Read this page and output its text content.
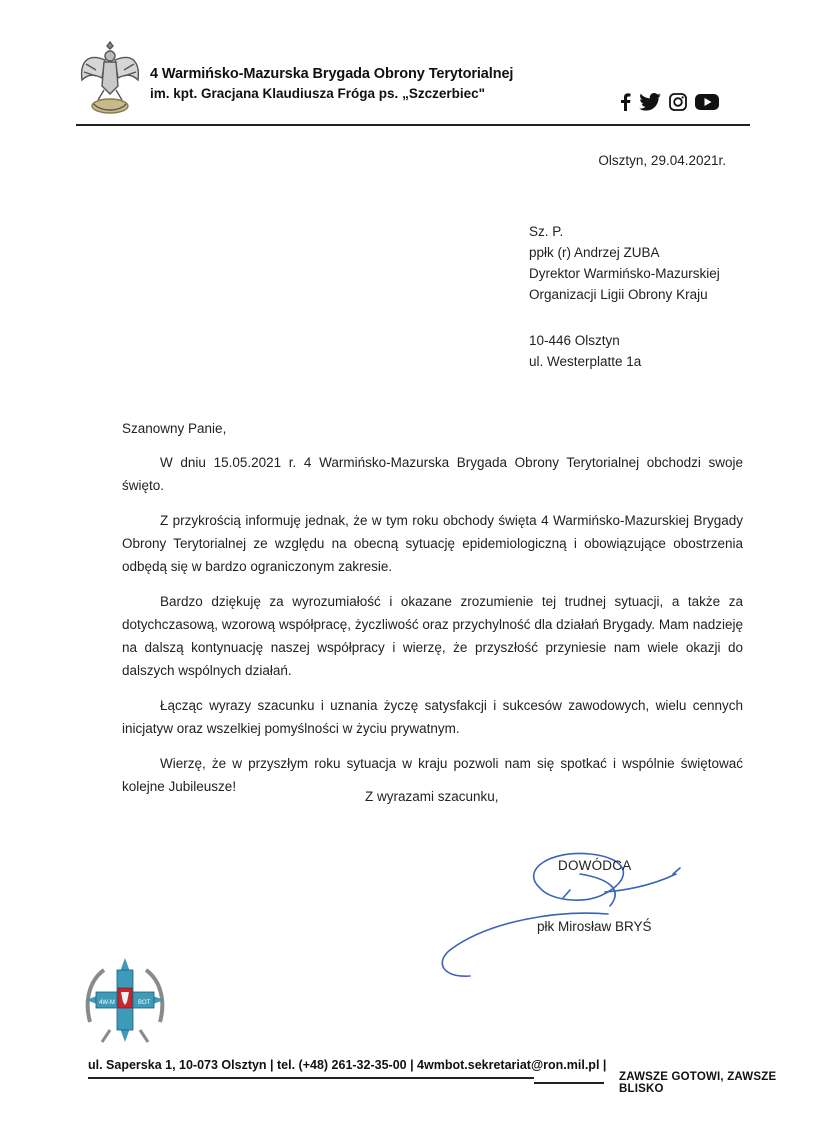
4 Warmińsko-Mazurska Brygada Obrony Terytorialnej
im. kpt. Gracjana Klaudiusza Fróga ps. „Szczerbiec"
Olsztyn, 29.04.2021r.
Sz. P.
ppłk (r) Andrzej ZUBA
Dyrektor Warmińsko-Mazurskiej
Organizacji Ligii Obrony Kraju
10-446 Olsztyn
ul. Westerplatte 1a
Szanowny Panie,

W dniu 15.05.2021 r. 4 Warmińsko-Mazurska Brygada Obrony Terytorialnej obchodzi swoje święto.

Z przykrością informuję jednak, że w tym roku obchody święta 4 Warmińsko-Mazurskiej Brygady Obrony Terytorialnej ze względu na obecną sytuację epidemiologiczną i obowiązujące obostrzenia odbędą się w bardzo ograniczonym zakresie.

Bardzo dziękuję za wyrozumiałość i okazane zrozumienie tej trudnej sytuacji, a także za dotychczasową, wzorową współpracę, życzliwość oraz przychylność dla działań Brygady. Mam nadzieję na dalszą kontynuację naszej współpracy i wierzę, że przyszłość przyniesie nam wiele okazji do dalszych wspólnych działań.

Łącząc wyrazy szacunku i uznania życzę satysfakcji i sukcesów zawodowych, wielu cennych inicjatyw oraz wszelkiej pomyślności w życiu prywatnym.

Wierzę, że w przyszłym roku sytuacja w kraju pozwoli nam się spotkać i wspólnie świętować kolejne Jubileusze!

Z wyrazami szacunku,
DOWÓDCA
płk Mirosław BRYŚ
4W-M	BOT
ul. Saperska 1, 10-073 Olsztyn | tel. (+48) 261-32-35-00 | 4wmbot.sekretariat@ron.mil.pl |
ZAWSZE GOTOWI, ZAWSZE BLISKO
